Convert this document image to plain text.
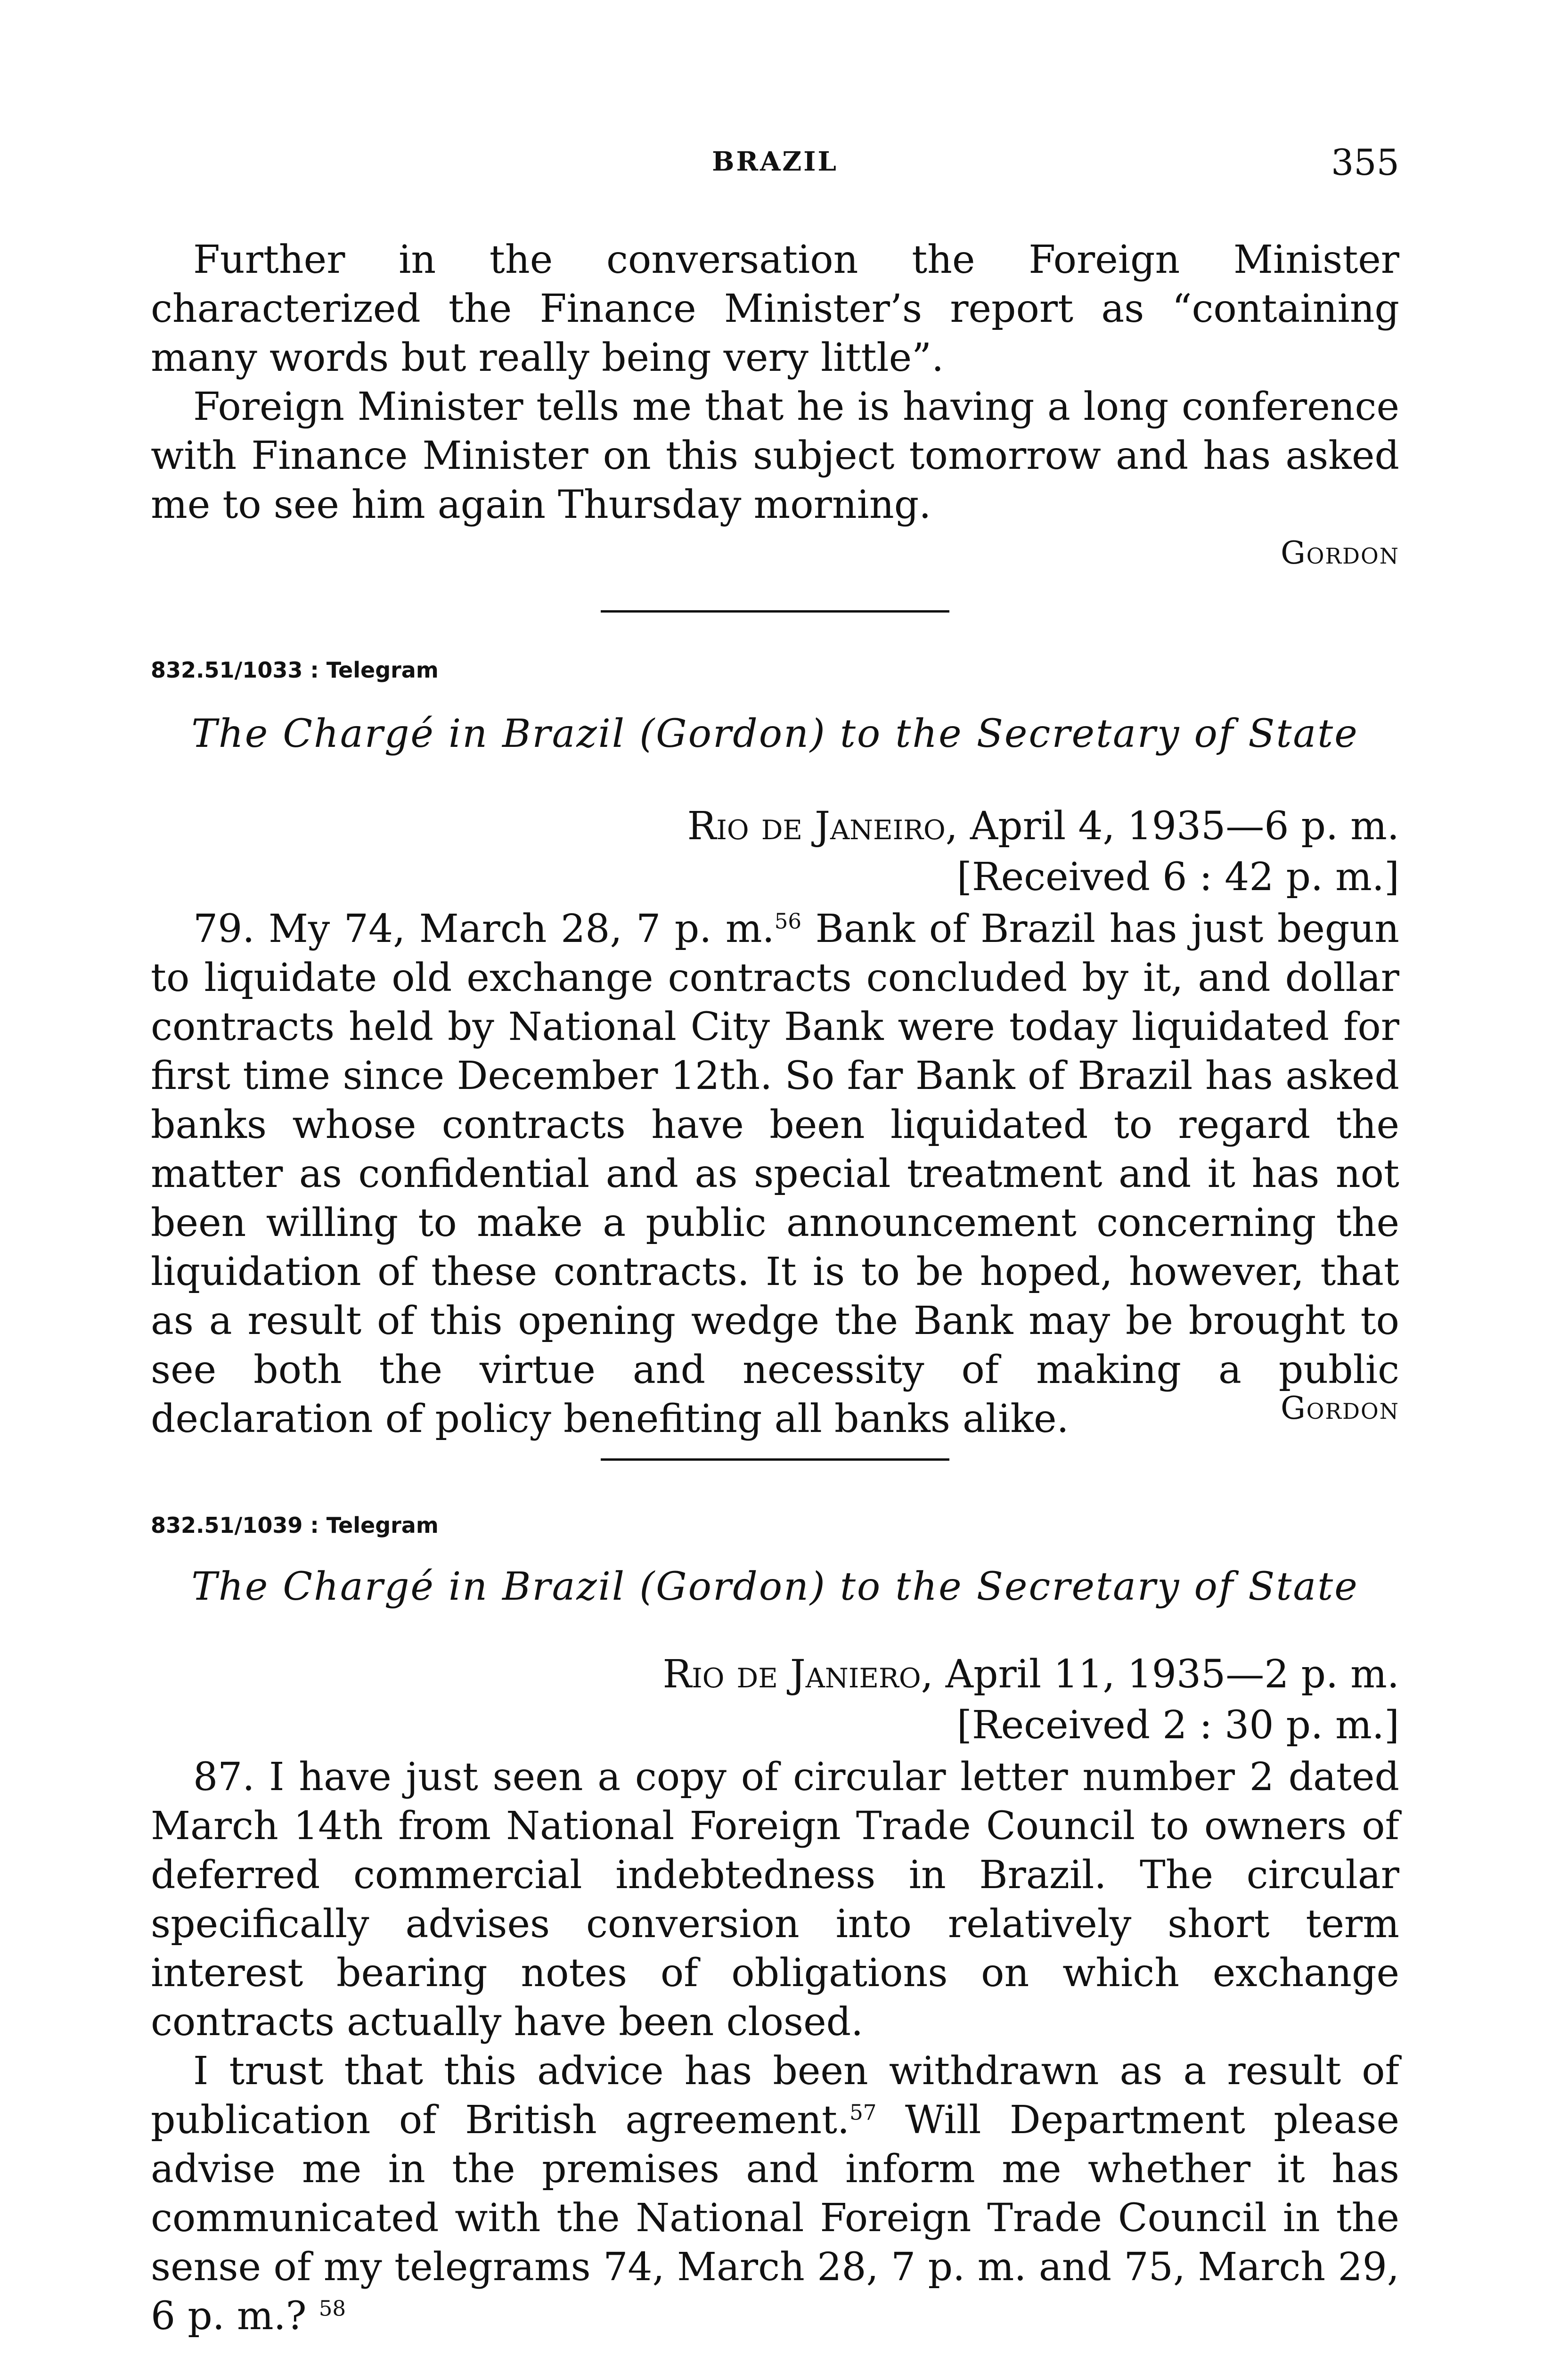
BRAZIL	355

Further in the conversation the Foreign Minister characterized the Finance Minister’s report as “containing many words but really being very little”.

Foreign Minister tells me that he is having a long conference with Finance Minister on this subject tomorrow and has asked me to see him again Thursday morning.

Gordon
832.51/1033 : Telegram
The Chargé in Brazil (Gordon) to the Secretary of State
Rio de Janeiro, April 4, 1935—6 p. m.
[Received 6 : 42 p. m.]

79. My 74, March 28, 7 p. m.$^{56}$ Bank of Brazil has just begun to liquidate old exchange contracts concluded by it, and dollar contracts held by National City Bank were today liquidated for first time since December 12th. So far Bank of Brazil has asked banks whose contracts have been liquidated to regard the matter as confidential and as special treatment and it has not been willing to make a public announcement concerning the liquidation of these contracts. It is to be hoped, however, that as a result of this opening wedge the Bank may be brought to see both the virtue and necessity of making a public declaration of policy benefiting all banks alike.	Gordon
832.51/1039 : Telegram
The Chargé in Brazil (Gordon) to the Secretary of State
Rio de Janiero, April 11, 1935—2 p. m.
[Received 2 : 30 p. m.]

87. I have just seen a copy of circular letter number 2 dated March 14th from National Foreign Trade Council to owners of deferred commercial indebtedness in Brazil. The circular specifically advises conversion into relatively short term interest bearing notes of obligations on which exchange contracts actually have been closed.

I trust that this advice has been withdrawn as a result of publication of British agreement.$^{57}$ Will Department please advise me in the premises and inform me whether it has communicated with the National Foreign Trade Council in the sense of my telegrams 74, March 28, 7 p. m. and 75, March 29, 6 p. m.? $^{58}$
